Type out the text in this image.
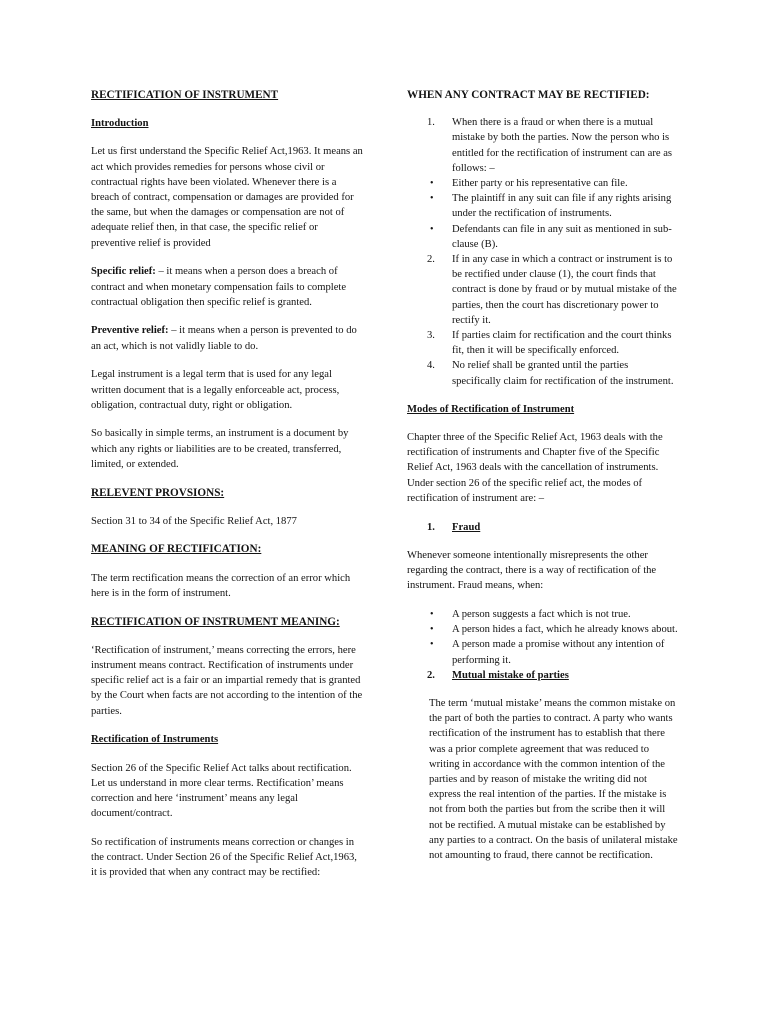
RECTIFICATION OF INSTRUMENT

Introduction

Let us first understand the Specific Relief Act,1963. It means an act which provides remedies for persons whose civil or contractual rights have been violated. Whenever there is a breach of contract, compensation or damages are provided for the same, but when the damages or compensation are not of adequate relief then, in that case, the specific relief or preventive relief is provided

Specific relief: – it means when a person does a breach of contract and when monetary compensation fails to complete contractual obligation then specific relief is granted.

Preventive relief: – it means when a person is prevented to do an act, which is not validly liable to do.

Legal instrument is a legal term that is used for any legal written document that is a legally enforceable act, process, obligation, contractual duty, right or obligation.

So basically in simple terms, an instrument is a document by which any rights or liabilities are to be created, transferred, limited, or extended.

RELEVENT PROVSIONS:

Section 31 to 34 of the Specific Relief Act, 1877

MEANING OF RECTIFICATION:

The term rectification means the correction of an error which here is in the form of instrument.

RECTIFICATION OF INSTRUMENT MEANING:

‘Rectification of instrument,’ means correcting the errors, here instrument means contract. Rectification of instruments under specific relief act is a fair or an impartial remedy that is granted by the Court when facts are not according to the intention of the parties.

Rectification of Instruments

Section 26 of the Specific Relief Act talks about rectification. Let us understand in more clear terms. Rectification’ means correction and here ‘instrument’ means any legal document/contract.

So rectification of instruments means correction or changes in the contract. Under Section 26 of the Specific Relief Act,1963, it is provided that when any contract may be rectified:

WHEN ANY CONTRACT MAY BE RECTIFIED:

1. When there is a fraud or when there is a mutual mistake by both the parties. Now the person who is entitled for the rectification of instrument can are as follows: –
• Either party or his representative can file.
• The plaintiff in any suit can file if any rights arising under the rectification of instruments.
• Defendants can file in any suit as mentioned in sub-clause (B).
2. If in any case in which a contract or instrument is to be rectified under clause (1), the court finds that contract is done by fraud or by mutual mistake of the parties, then the court has discretionary power to rectify it.
3. If parties claim for rectification and the court thinks fit, then it will be specifically enforced.
4. No relief shall be granted until the parties specifically claim for rectification of the instrument.

Modes of Rectification of Instrument

Chapter three of the Specific Relief Act, 1963 deals with the rectification of instruments and Chapter five of the Specific Relief Act, 1963 deals with the cancellation of instruments. Under section 26 of the specific relief act, the modes of rectification of instrument are: –

1. Fraud

Whenever someone intentionally misrepresents the other regarding the contract, there is a way of rectification of the instrument. Fraud means, when:

• A person suggests a fact which is not true.
• A person hides a fact, which he already knows about.
• A person made a promise without any intention of performing it.
2. Mutual mistake of parties

The term ‘mutual mistake’ means the common mistake on the part of both the parties to contract. A party who wants rectification of the instrument has to establish that there was a prior complete agreement that was reduced to writing in accordance with the common intention of the parties and by reason of mistake the writing did not express the real intention of the parties. If the mistake is not from both the parties but from the scribe then it will not be rectified. A mutual mistake can be established by any parties to a contract. On the basis of unilateral mistake not amounting to fraud, there cannot be rectification.
